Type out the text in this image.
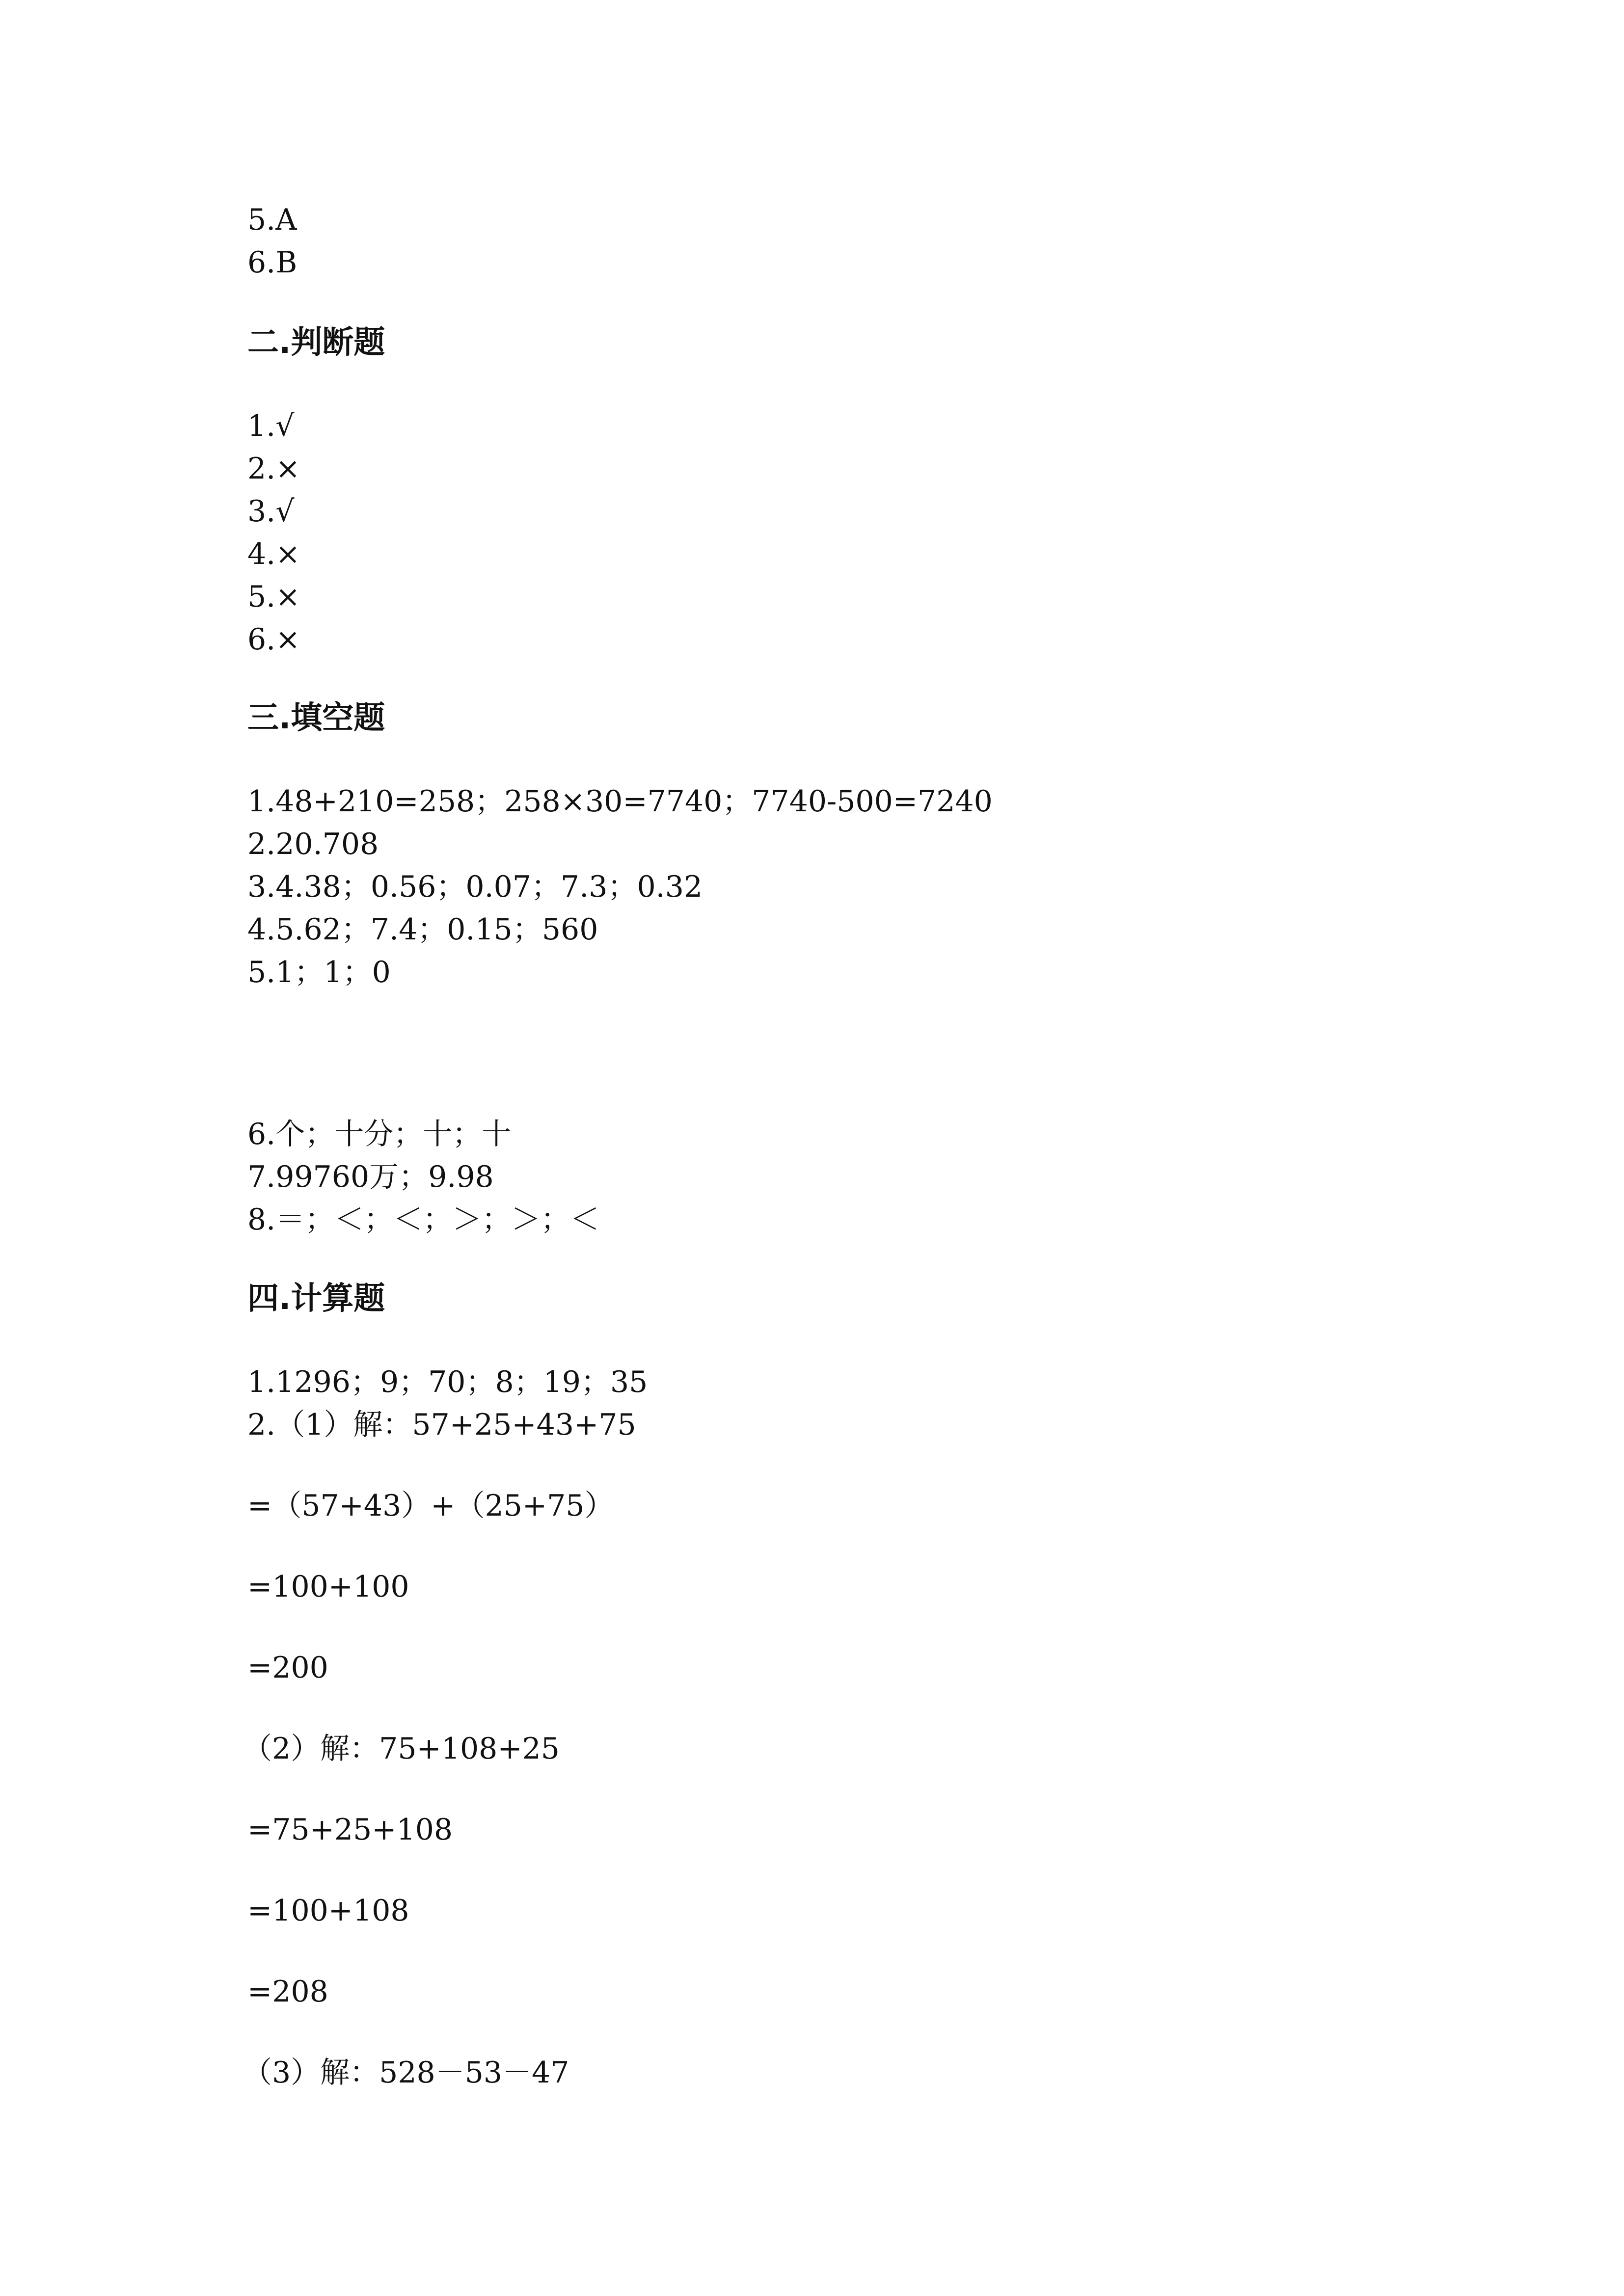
5.A
6.B
二.判断题
1.√
2.×
3.√
4.×
5.×
6.×
三.填空题
1.48+210=258；258×30=7740；7740-500=7240
2.20.708
3.4.38；0.56；0.07；7.3；0.32
4.5.62；7.4；0.15；560
5.1；1；0
6.个；十分；十；十
7.99760万；9.98
8.＝；＜；＜；＞；＞；＜
四.计算题
1.1296；9；70；8；19；35
2.（1）解：57+25+43+75
=（57+43）+（25+75）
=100+100
=200
（2）解：75+108+25
=75+25+108
=100+108
=208
（3）解：528－53－47
